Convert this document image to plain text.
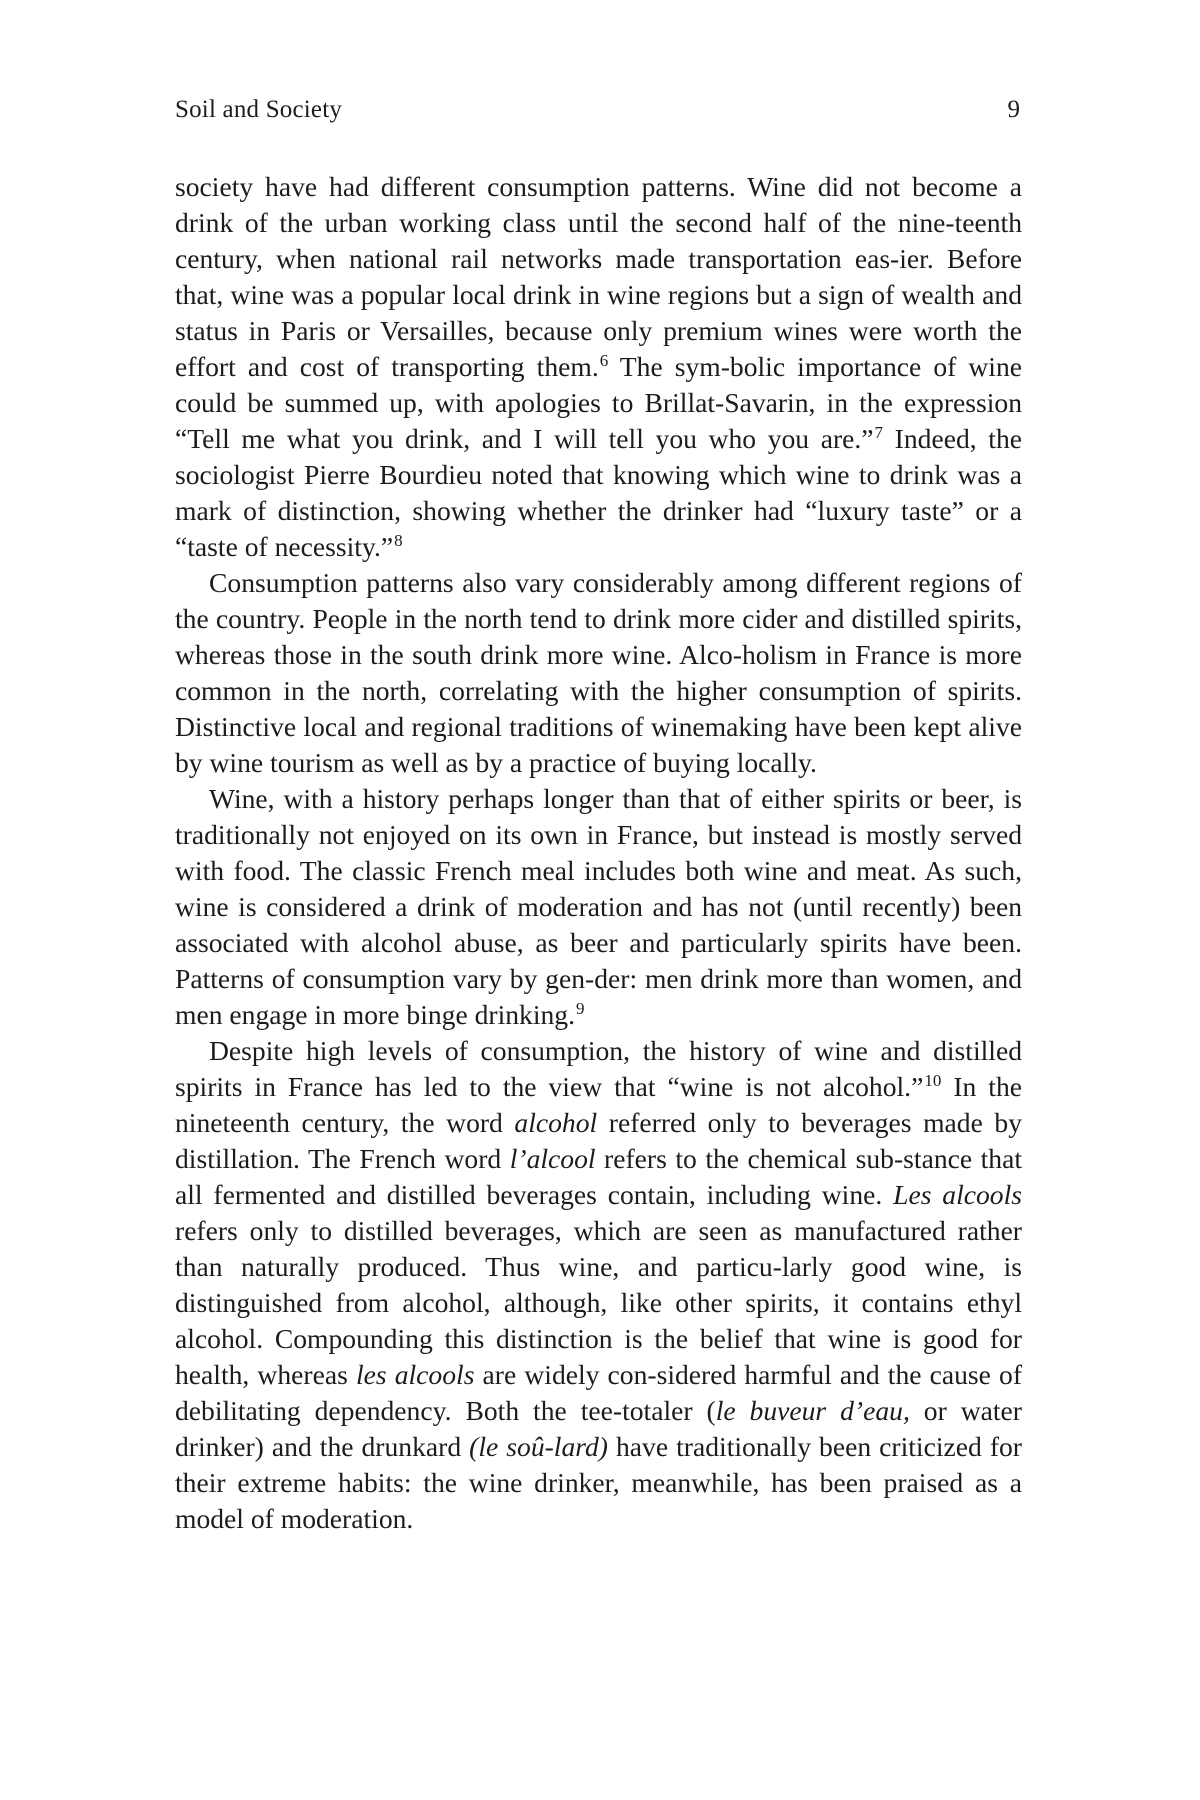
Soil and Society	9

society have had different consumption patterns. Wine did not become a drink of the urban working class until the second half of the nine-teenth century, when national rail networks made transportation eas-ier. Before that, wine was a popular local drink in wine regions but a sign of wealth and status in Paris or Versailles, because only premium wines were worth the effort and cost of transporting them.$^6$ The sym-bolic importance of wine could be summed up, with apologies to Brillat-Savarin, in the expression “Tell me what you drink, and I will tell you who you are.”$^7$ Indeed, the sociologist Pierre Bourdieu noted that knowing which wine to drink was a mark of distinction, showing whether the drinker had “luxury taste” or a “taste of necessity.”$^8$

Consumption patterns also vary considerably among different regions of the country. People in the north tend to drink more cider and distilled spirits, whereas those in the south drink more wine. Alco-holism in France is more common in the north, correlating with the higher consumption of spirits. Distinctive local and regional traditions of winemaking have been kept alive by wine tourism as well as by a practice of buying locally.

Wine, with a history perhaps longer than that of either spirits or beer, is traditionally not enjoyed on its own in France, but instead is mostly served with food. The classic French meal includes both wine and meat. As such, wine is considered a drink of moderation and has not (until recently) been associated with alcohol abuse, as beer and particularly spirits have been. Patterns of consumption vary by gen-der: men drink more than women, and men engage in more binge drinking.$^9$

Despite high levels of consumption, the history of wine and distilled spirits in France has led to the view that “wine is not alcohol.”$^{10}$ In the nineteenth century, the word alcohol referred only to beverages made by distillation. The French word l’alcool refers to the chemical sub-stance that all fermented and distilled beverages contain, including wine. Les alcools refers only to distilled beverages, which are seen as manufactured rather than naturally produced. Thus wine, and particu-larly good wine, is distinguished from alcohol, although, like other spirits, it contains ethyl alcohol. Compounding this distinction is the belief that wine is good for health, whereas les alcools are widely con-sidered harmful and the cause of debilitating dependency. Both the tee-totaler (le buveur d’eau, or water drinker) and the drunkard (le soû-lard) have traditionally been criticized for their extreme habits: the wine drinker, meanwhile, has been praised as a model of moderation.
